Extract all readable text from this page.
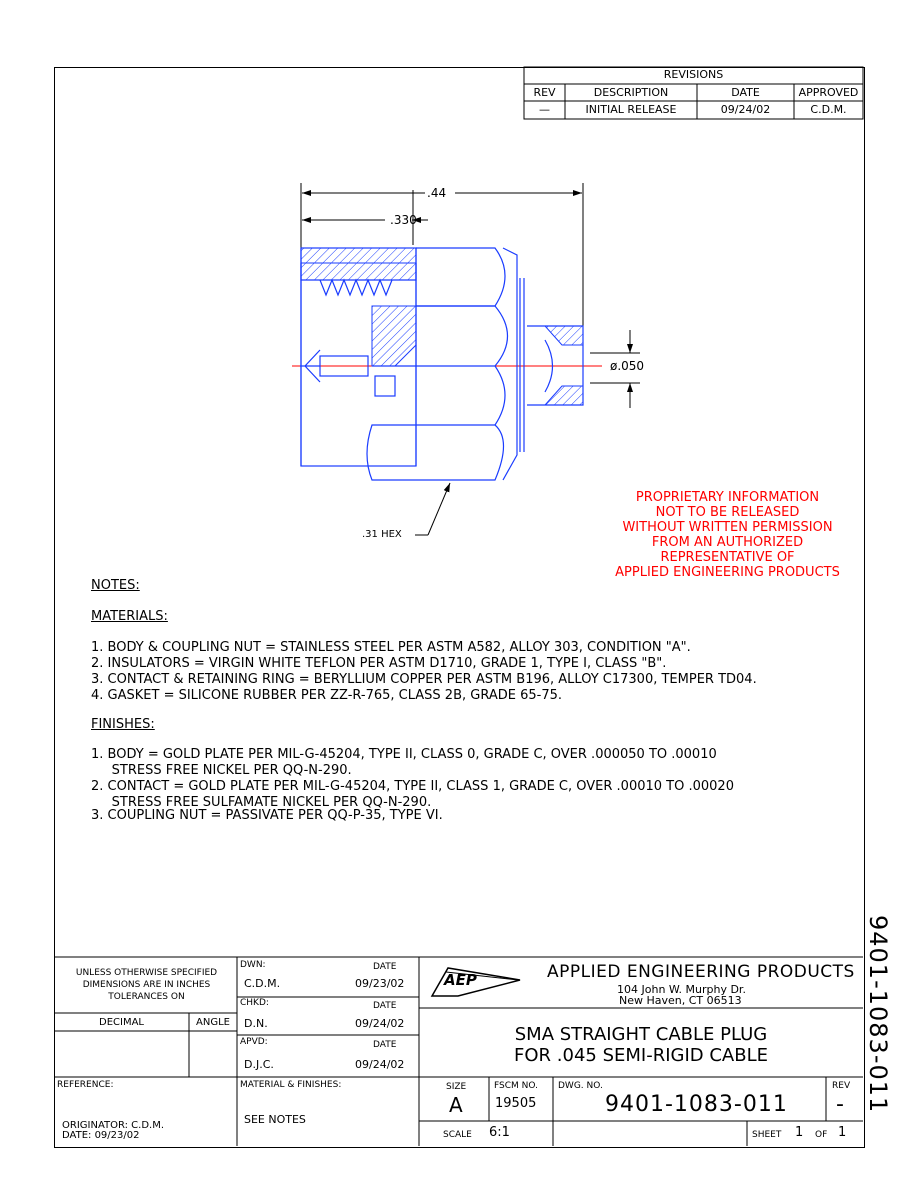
REVISIONS
REV	DESCRIPTION	DATE	APPROVED
—	INITIAL RELEASE	09/24/02	C.D.M.
.44
.330
ø.050
.31 HEX
PROPRIETARY INFORMATION
NOT TO BE RELEASED
WITHOUT WRITTEN PERMISSION
FROM AN AUTHORIZED
REPRESENTATIVE OF
APPLIED ENGINEERING PRODUCTS
NOTES:
MATERIALS:
1. BODY & COUPLING NUT = STAINLESS STEEL PER ASTM A582, ALLOY 303, CONDITION "A".
2. INSULATORS = VIRGIN WHITE TEFLON PER ASTM D1710, GRADE 1, TYPE I, CLASS "B".
3. CONTACT & RETAINING RING = BERYLLIUM COPPER PER ASTM B196, ALLOY C17300, TEMPER TD04.
4. GASKET = SILICONE RUBBER PER ZZ-R-765, CLASS 2B, GRADE 65-75.
FINISHES:
1. BODY = GOLD PLATE PER MIL-G-45204, TYPE II, CLASS 0, GRADE C, OVER .000050 TO .00010
STRESS FREE NICKEL PER QQ-N-290.
2. CONTACT = GOLD PLATE PER MIL-G-45204, TYPE II, CLASS 1, GRADE C, OVER .00010 TO .00020
STRESS FREE SULFAMATE NICKEL PER QQ-N-290.
3. COUPLING NUT = PASSIVATE PER QQ-P-35, TYPE VI.
UNLESS OTHERWISE SPECIFIED
DIMENSIONS ARE IN INCHES
TOLERANCES ON
DECIMAL	ANGLE
REFERENCE:
ORIGINATOR: C.D.M.
DATE: 09/23/02
DWN:	DATE
C.D.M.	09/23/02
CHKD:	DATE
D.N.	09/24/02
APVD:	DATE
D.J.C.	09/24/02
MATERIAL & FINISHES:
SEE NOTES
AEP	APPLIED ENGINEERING PRODUCTS
104 John W. Murphy Dr.
New Haven, CT 06513
SMA STRAIGHT CABLE PLUG
FOR .045 SEMI-RIGID CABLE
SIZE
A
FSCM NO.
19505
DWG. NO.
9401-1083-011
REV
-
SCALE 6:1	SHEET 1 OF 1
9401-1083-011
